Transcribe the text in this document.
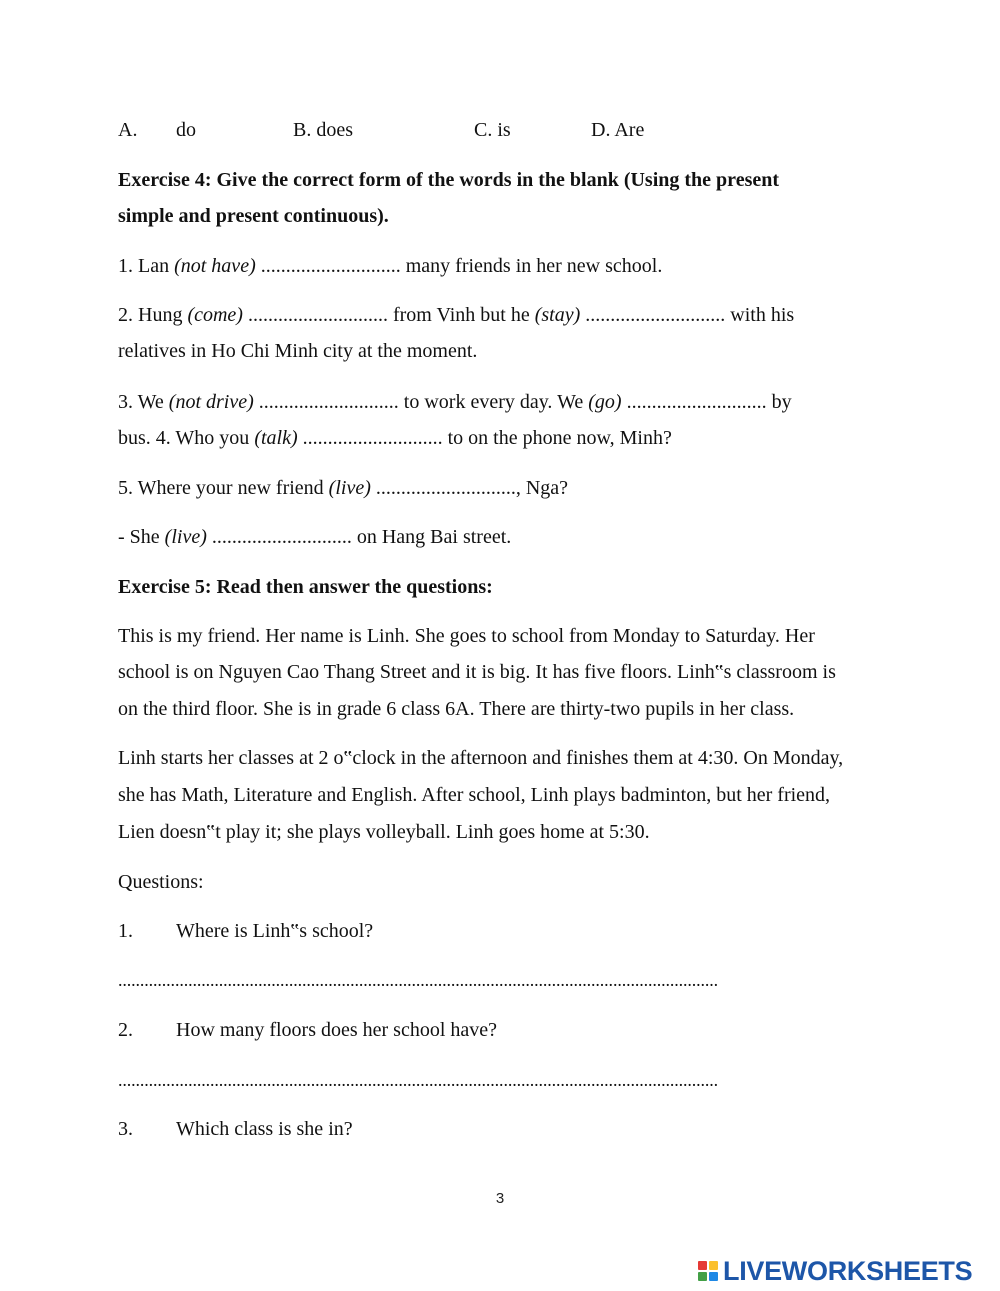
A. do	B. does	C. is	D. Are
Exercise 4: Give the correct form of the words in the blank (Using the present
simple and present continuous).
1. Lan (not have) ............................ many friends in her new school.
2. Hung (come) ............................ from Vinh but he (stay) ............................ with his
relatives in Ho Chi Minh city at the moment.
3. We (not drive) ............................ to work every day. We (go) ............................ by
bus. 4. Who you (talk) ............................ to on the phone now, Minh?
5. Where your new friend (live) ............................, Nga?
- She (live) ............................ on Hang Bai street.
Exercise 5: Read then answer the questions:
This is my friend. Her name is Linh. She goes to school from Monday to Saturday. Her
school is on Nguyen Cao Thang Street and it is big. It has five floors. Linh‟s classroom is
on the third floor. She is in grade 6 class 6A. There are thirty-two pupils in her class.
Linh starts her classes at 2 o‟clock in the afternoon and finishes them at 4:30. On Monday,
she has Math, Literature and English. After school, Linh plays badminton, but her friend,
Lien doesn‟t play it; she plays volleyball. Linh goes home at 5:30.
Questions:
1. Where is Linh‟s school?
.........................................................................................................................................
2. How many floors does her school have?
.........................................................................................................................................
3. Which class is she in?
3
LIVEWORKSHEETS
